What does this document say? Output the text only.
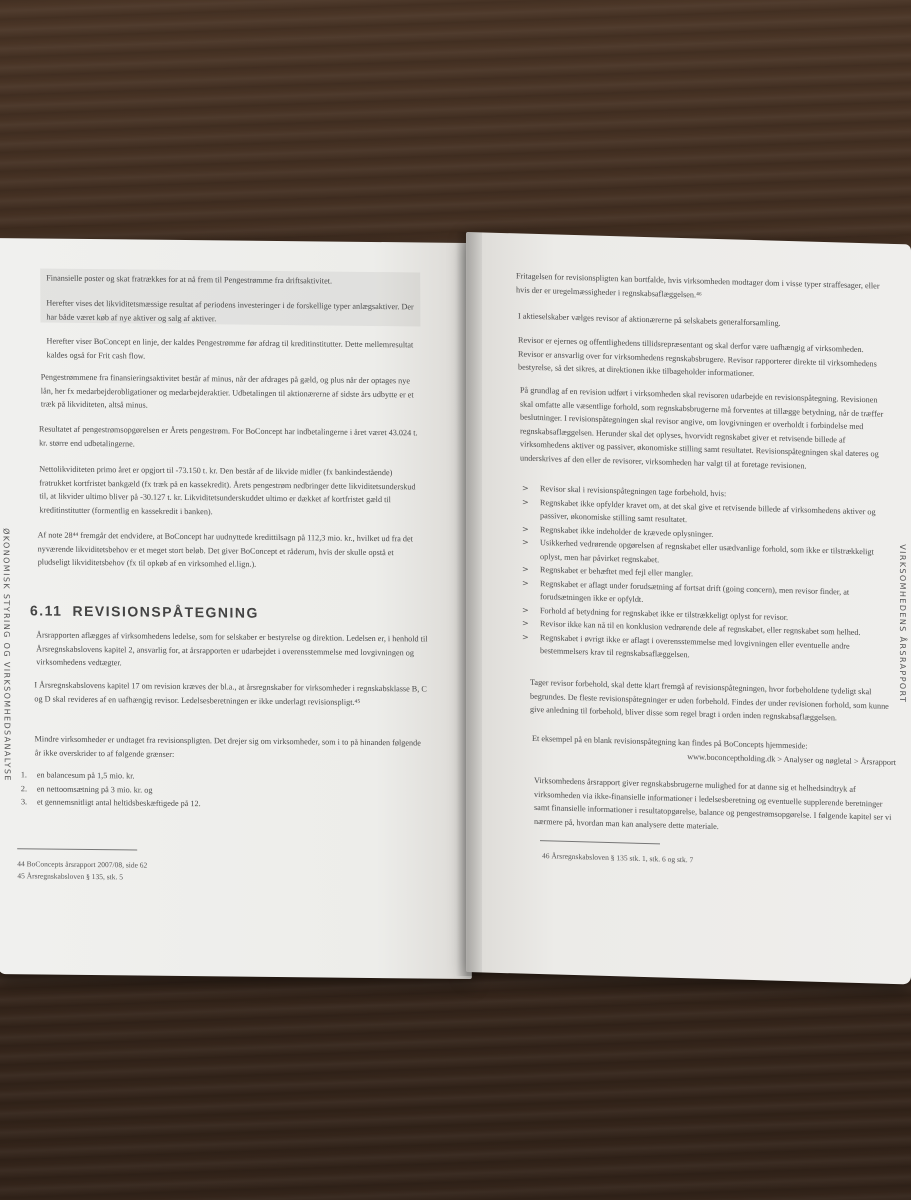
ØKONOMISK STYRING OG VIRKSOMHEDSANALYSE
Finansielle poster og skat fratrækkes for at nå frem til Pengestrømme fra driftsaktivitet.
Herefter vises det likviditetsmæssige resultat af periodens investeringer i de forskellige typer anlægsaktiver. Der har både været køb af nye aktiver og salg af aktiver.
Herefter viser BoConcept en linje, der kaldes Pengestrømme før afdrag til kreditinstitutter. Dette mellemresultat kaldes også for Frit cash flow.
Pengestrømmene fra finansieringsaktivitet består af minus, når der afdrages på gæld, og plus når der optages nye lån, her fx medarbejderobligationer og medarbejderaktier. Udbetalingen til aktionærerne af sidste års udbytte er et træk på likviditeten, altså minus.
Resultatet af pengestrømsopgørelsen er Årets pengestrøm. For BoConcept har indbetalingerne i året været 43.024 t. kr. større end udbetalingerne.
Nettolikviditeten primo året er opgjort til -73.150 t. kr. Den består af de likvide midler (fx bankindestående) fratrukket kortfristet bankgæld (fx træk på en kassekredit). Årets pengestrøm nedbringer dette likviditetsunderskud til, at likvider ultimo bliver på -30.127 t. kr. Likviditetsunderskuddet ultimo er dækket af kortfristet gæld til kreditinstitutter (formentlig en kassekredit i banken).
Af note 28⁴⁴ fremgår det endvidere, at BoConcept har uudnyttede kredittilsagn på 112,3 mio. kr., hvilket ud fra det nyværende likviditetsbehov er et meget stort beløb. Det giver BoConcept et råderum, hvis der skulle opstå et pludseligt likviditetsbehov (fx til opkøb af en virksomhed el.lign.).
6.11 REVISIONSPÅTEGNING
Årsrapporten aflægges af virksomhedens ledelse, som for selskaber er bestyrelse og direktion. Ledelsen er, i henhold til Årsregnskabslovens kapitel 2, ansvarlig for, at årsrapporten er udarbejdet i overensstemmelse med lovgivningen og virksomhedens vedtægter.
I Årsregnskabslovens kapitel 17 om revision kræves der bl.a., at årsregnskaber for virksomheder i regnskabsklasse B, C og D skal revideres af en uafhængig revisor. Ledelsesberetningen er ikke underlagt revisionspligt.⁴⁵
Mindre virksomheder er undtaget fra revisionspligten. Det drejer sig om virksomheder, som i to på hinanden følgende år ikke overskrider to af følgende grænser:
1. en balancesum på 1,5 mio. kr.
2. en nettoomsætning på 3 mio. kr. og
3. et gennemsnitligt antal heltidsbeskæftigede på 12.
44 BoConcepts årsrapport 2007/08, side 62
45 Årsregnskabsloven § 135, stk. 5
VIRKSOMHEDENS ÅRSRAPPORT
Fritagelsen for revisionspligten kan bortfalde, hvis virksomheden modtager dom i visse typer straffesager, eller hvis der er uregelmæssigheder i regnskabsaflæggelsen.⁴⁶
I aktieselskaber vælges revisor af aktionærerne på selskabets generalforsamling.
Revisor er ejernes og offentlighedens tillidsrepræsentant og skal derfor være uafhængig af virksomheden. Revisor er ansvarlig over for virksomhedens regnskabsbrugere. Revisor rapporterer direkte til virksomhedens bestyrelse, så det sikres, at direktionen ikke tilbageholder informationer.
På grundlag af en revision udført i virksomheden skal revisoren udarbejde en revisionspåtegning. Revisionen skal omfatte alle væsentlige forhold, som regnskabsbrugerne må forventes at tillægge betydning, når de træffer beslutninger. I revisionspåtegningen skal revisor angive, om lovgivningen er overholdt i forbindelse med regnskabsaflæggelsen. Herunder skal det oplyses, hvorvidt regnskabet giver et retvisende billede af virksomhedens aktiver og passiver, økonomiske stilling samt resultatet. Revisionspåtegningen skal dateres og underskrives af den eller de revisorer, virksomheden har valgt til at foretage revisionen.
> Revisor skal i revisionspåtegningen tage forbehold, hvis:
> Regnskabet ikke opfylder kravet om, at det skal give et retvisende billede af virksomhedens aktiver og passiver, økonomiske stilling samt resultatet.
> Regnskabet ikke indeholder de krævede oplysninger.
> Usikkerhed vedrørende opgørelsen af regnskabet eller usædvanlige forhold, som ikke er tilstrækkeligt oplyst, men har påvirket regnskabet.
> Regnskabet er behæftet med fejl eller mangler.
> Regnskabet er aflagt under forudsætning af fortsat drift (going concern), men revisor finder, at forudsætningen ikke er opfyldt.
> Forhold af betydning for regnskabet ikke er tilstrækkeligt oplyst for revisor.
> Revisor ikke kan nå til en konklusion vedrørende dele af regnskabet, eller regnskabet som helhed.
> Regnskabet i øvrigt ikke er aflagt i overensstemmelse med lovgivningen eller eventuelle andre bestemmelsers krav til regnskabsaflæggelsen.
Tager revisor forbehold, skal dette klart fremgå af revisionspåtegningen, hvor forbeholdene tydeligt skal begrundes. De fleste revisionspåtegninger er uden forbehold. Findes der under revisionen forhold, som kunne give anledning til forbehold, bliver disse som regel bragt i orden inden regnskabsaflæggelsen.
Et eksempel på en blank revisionspåtegning kan findes på BoConcepts hjemmeside:
www.boconceptholding.dk > Analyser og nøgletal > Årsrapport
Virksomhedens årsrapport giver regnskabsbrugerne mulighed for at danne sig et helhedsindtryk af virksomheden via ikke-finansielle informationer i ledelsesberetning og eventuelle supplerende beretninger samt finansielle informationer i resultatopgørelse, balance og pengestrømsopgørelse. I følgende kapitel ser vi nærmere på, hvordan man kan analysere dette materiale.
46 Årsregnskabsloven § 135 stk. 1, stk. 6 og stk. 7
